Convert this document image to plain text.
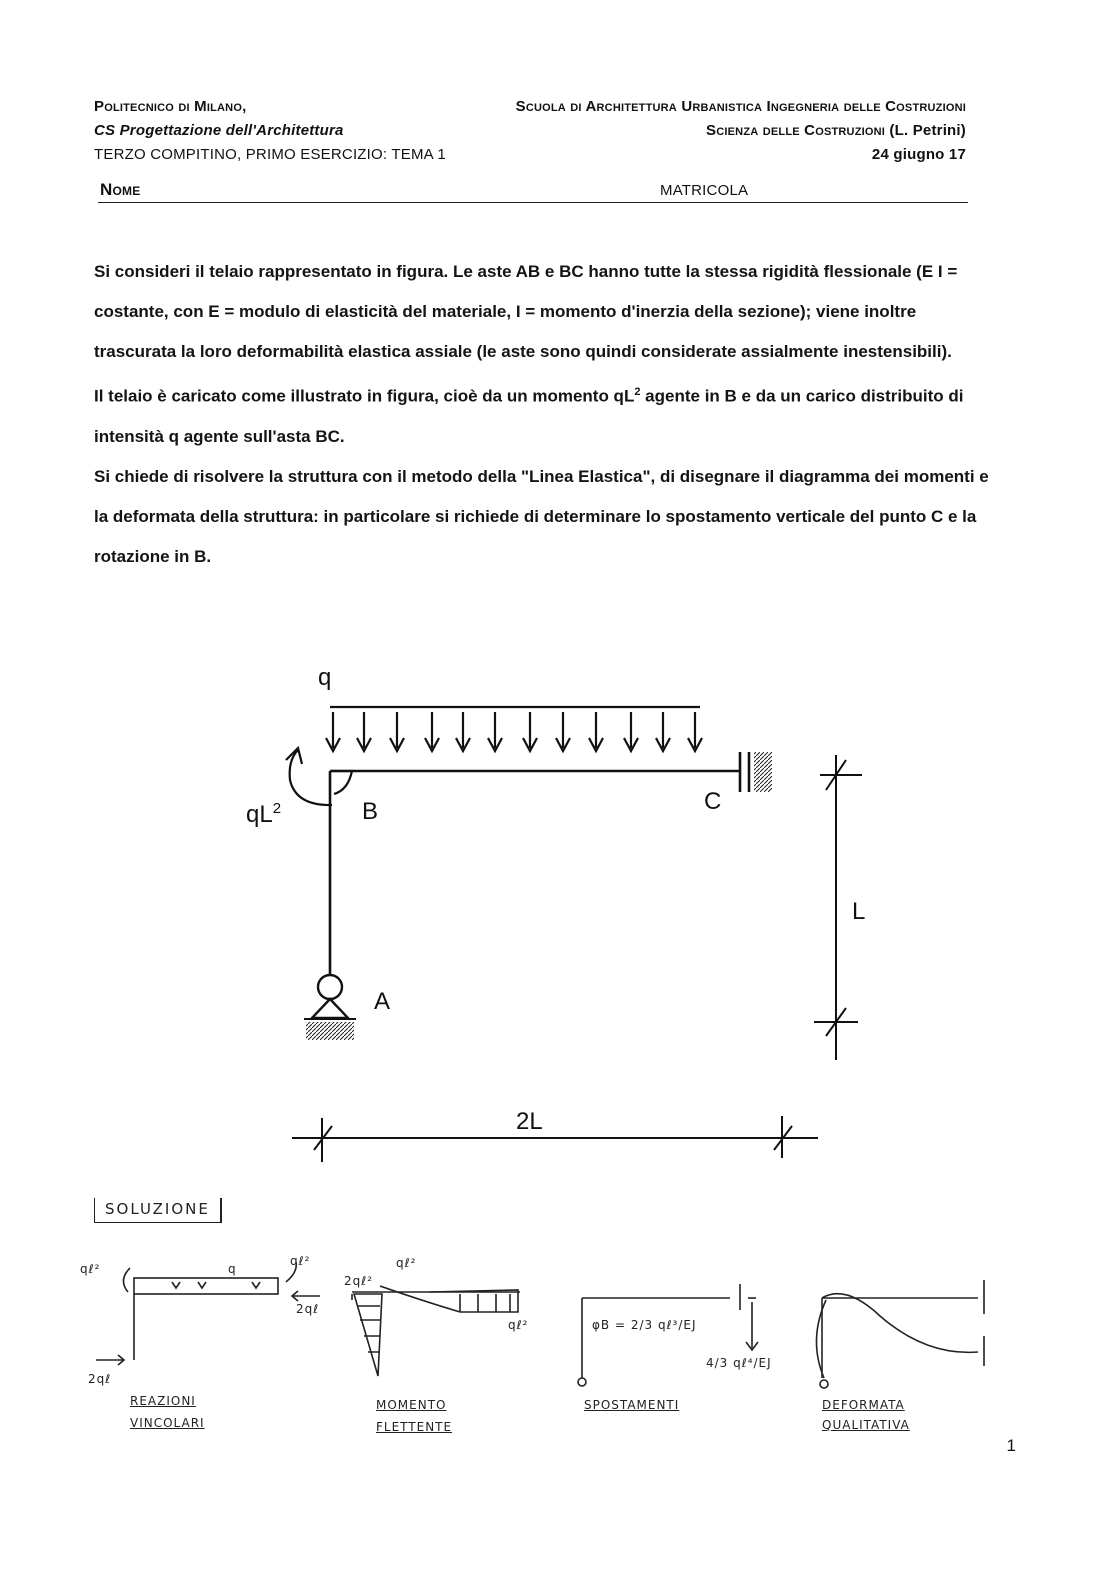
Politecnico di Milano,	Scuola di Architettura Urbanistica Ingegneria delle Costruzioni
CS Progettazione dell'Architettura	Scienza delle Costruzioni (L. Petrini)
TERZO COMPITINO, PRIMO ESERCIZIO: TEMA 1	24 giugno 17
Nome	MATRICOLA

Si consideri il telaio rappresentato in figura. Le aste AB e BC hanno tutte la stessa rigidità flessionale (E I = costante, con E = modulo di elasticità del materiale, I = momento d'inerzia della sezione); viene inoltre trascurata la loro deformabilità elastica assiale (le aste sono quindi considerate assialmente inestensibili).

Il telaio è caricato come illustrato in figura, cioè da un momento $qL^2$ agente in B e da un carico distribuito di intensità q agente sull'asta BC.

Si chiede di risolvere la struttura con il metodo della "Linea Elastica", di disegnare il diagramma dei momenti e la deformata della struttura: in particolare si richiede di determinare lo spostamento verticale del punto C e la rotazione in B.

q
$qL^2$	B	C
A
L
2L
SOLUZIONE
qℓ²
qℓ²
2qℓ
2qℓ
q
REAZIONI
VINCOLARI
qℓ²
2qℓ²
qℓ²
MOMENTO
FLETTENTE
φB = 2/3 qℓ³/EJ
4/3 qℓ⁴/EJ
SPOSTAMENTI	DEFORMATA
QUALITATIVA
1
